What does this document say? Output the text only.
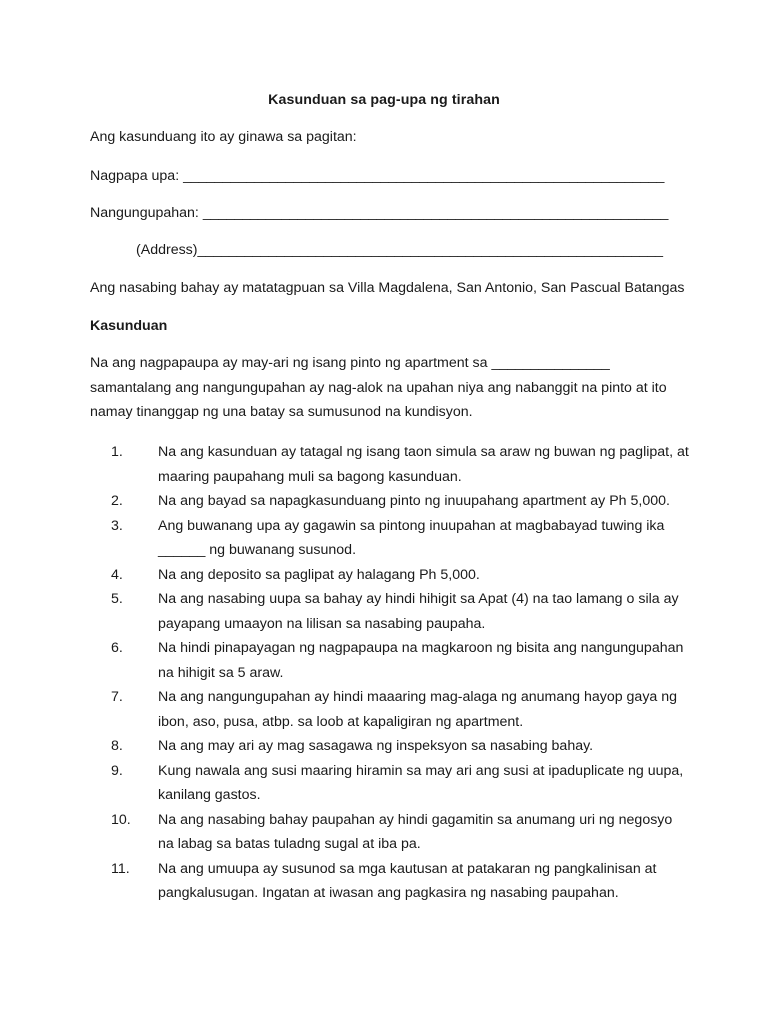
Kasunduan sa pag-upa ng tirahan
Ang kasunduang ito ay ginawa sa pagitan:
Nagpapa upa: _____________________________________________________________
Nangungupahan: ___________________________________________________________
(Address)___________________________________________________________
Ang nasabing bahay ay matatagpuan sa Villa Magdalena, San Antonio, San Pascual Batangas
Kasunduan
Na ang nagpapaupa ay may-ari ng isang pinto ng apartment sa _______________
samantalang ang nangungupahan ay nag-alok na upahan niya ang nabanggit na pinto at ito
namay tinanggap ng una batay sa sumusunod na kundisyon.
1. Na ang kasunduan ay tatagal ng isang taon simula sa araw ng buwan ng paglipat, at
maaring paupahang muli sa bagong kasunduan.
2. Na ang bayad sa napagkasunduang pinto ng inuupahang apartment ay Ph 5,000.
3. Ang buwanang upa ay gagawin sa pintong inuupahan at magbabayad tuwing ika
______ ng buwanang susunod.
4. Na ang deposito sa paglipat ay halagang Ph 5,000.
5. Na ang nasabing uupa sa bahay ay hindi hihigit sa Apat (4) na tao lamang o sila ay
payapang umaayon na lilisan sa nasabing paupaha.
6. Na hindi pinapayagan ng nagpapaupa na magkaroon ng bisita ang nangungupahan
na hihigit sa 5 araw.
7. Na ang nangungupahan ay hindi maaaring mag-alaga ng anumang hayop gaya ng
ibon, aso, pusa, atbp. sa loob at kapaligiran ng apartment.
8. Na ang may ari ay mag sasagawa ng inspeksyon sa nasabing bahay.
9. Kung nawala ang susi maaring hiramin sa may ari ang susi at ipaduplicate ng uupa,
kanilang gastos.
10. Na ang nasabing bahay paupahan ay hindi gagamitin sa anumang uri ng negosyo
na labag sa batas tuladng sugal at iba pa.
11. Na ang umuupa ay susunod sa mga kautusan at patakaran ng pangkalinisan at
pangkalusugan. Ingatan at iwasan ang pagkasira ng nasabing paupahan.
